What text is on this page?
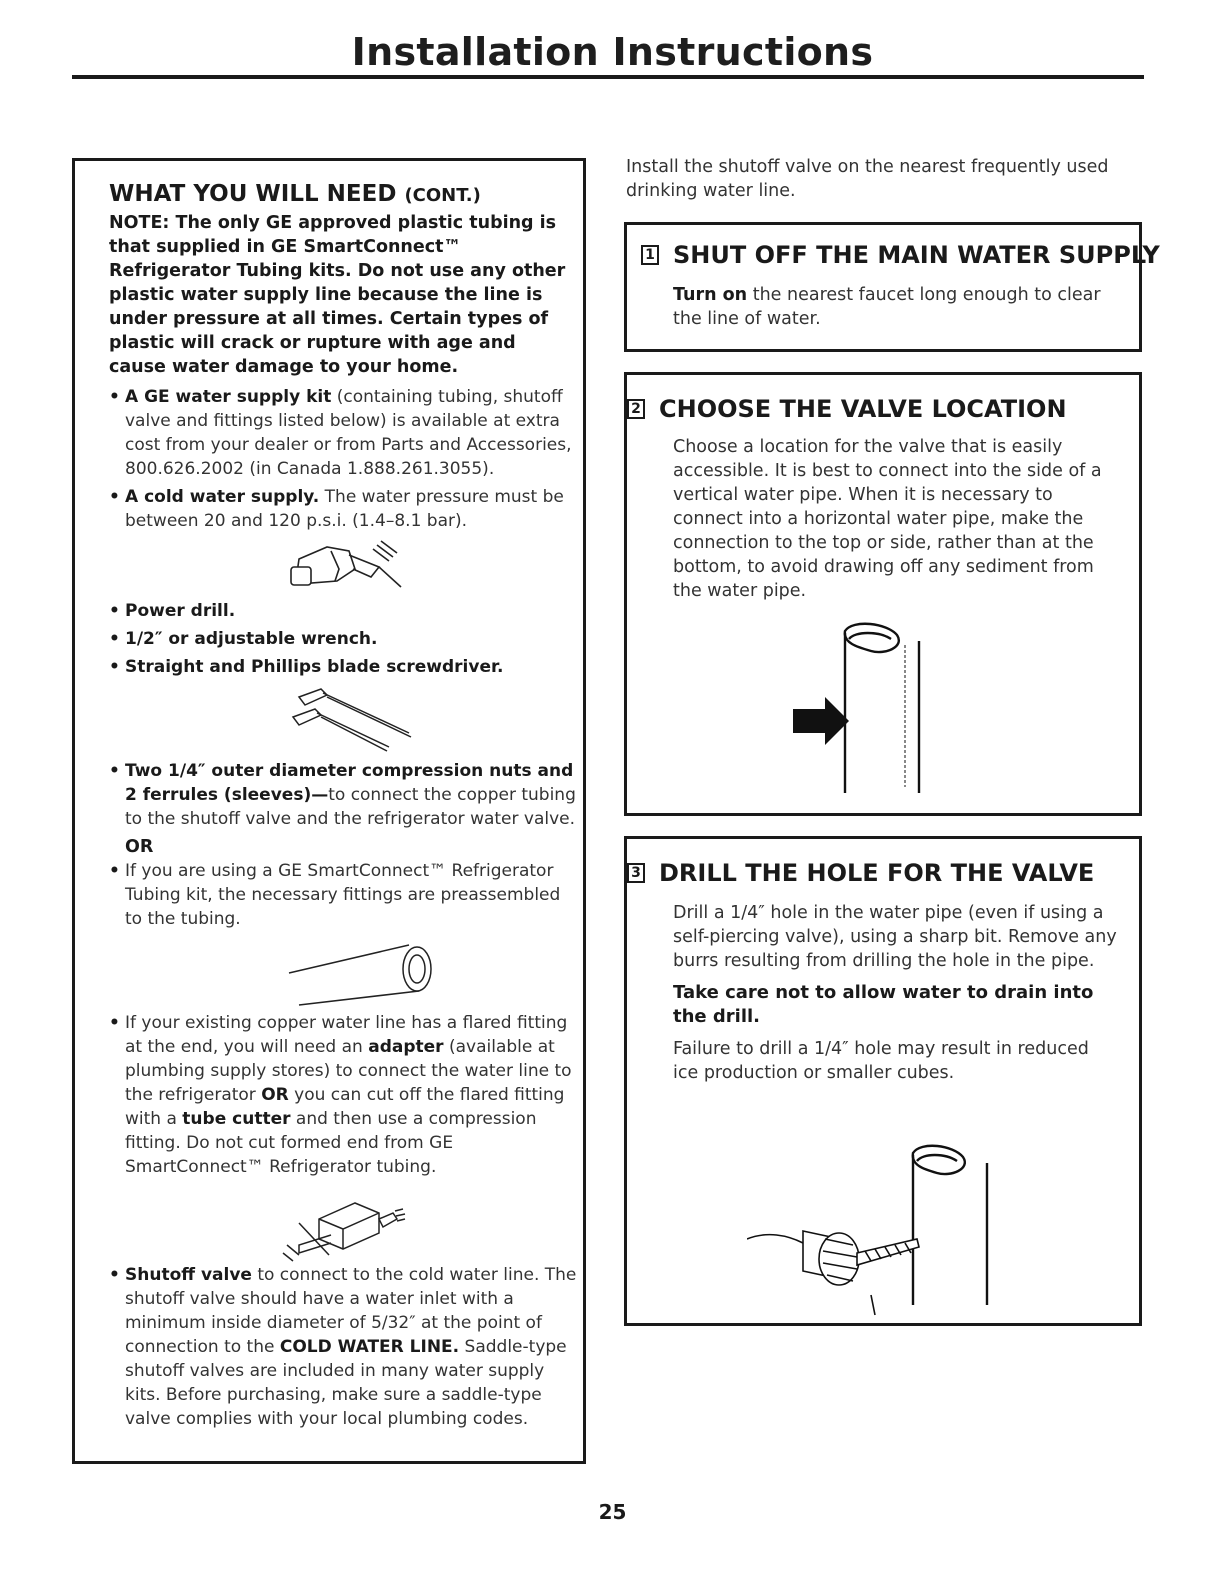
Installation Instructions
WHAT YOU WILL NEED (CONT.)
NOTE: The only GE approved plastic tubing is that supplied in GE SmartConnect™ Refrigerator Tubing kits. Do not use any other plastic water supply line because the line is under pressure at all times. Certain types of plastic will crack or rupture with age and cause water damage to your home.
• A GE water supply kit (containing tubing, shutoff valve and fittings listed below) is available at extra cost from your dealer or from Parts and Accessories, 800.626.2002 (in Canada 1.888.261.3055).
• A cold water supply. The water pressure must be between 20 and 120 p.s.i. (1.4–8.1 bar).
• Power drill.
• 1/2″ or adjustable wrench.
• Straight and Phillips blade screwdriver.
• Two 1/4″ outer diameter compression nuts and 2 ferrules (sleeves)—to connect the copper tubing to the shutoff valve and the refrigerator water valve.
OR
• If you are using a GE SmartConnect™ Refrigerator Tubing kit, the necessary fittings are preassembled to the tubing.
• If your existing copper water line has a flared fitting at the end, you will need an adapter (available at plumbing supply stores) to connect the water line to the refrigerator OR you can cut off the flared fitting with a tube cutter and then use a compression fitting. Do not cut formed end from GE SmartConnect™ Refrigerator tubing.
• Shutoff valve to connect to the cold water line. The shutoff valve should have a water inlet with a minimum inside diameter of 5/32″ at the point of connection to the COLD WATER LINE. Saddle-type shutoff valves are included in many water supply kits. Before purchasing, make sure a saddle-type valve complies with your local plumbing codes.
Install the shutoff valve on the nearest frequently used drinking water line.
1 SHUT OFF THE MAIN WATER SUPPLY
Turn on the nearest faucet long enough to clear the line of water.
2 CHOOSE THE VALVE LOCATION
Choose a location for the valve that is easily accessible. It is best to connect into the side of a vertical water pipe. When it is necessary to connect into a horizontal water pipe, make the connection to the top or side, rather than at the bottom, to avoid drawing off any sediment from the water pipe.
3 DRILL THE HOLE FOR THE VALVE

Drill a 1/4″ hole in the water pipe (even if using a self-piercing valve), using a sharp bit. Remove any burrs resulting from drilling the hole in the pipe.

Take care not to allow water to drain into the drill.

Failure to drill a 1/4″ hole may result in reduced ice production or smaller cubes.

25
